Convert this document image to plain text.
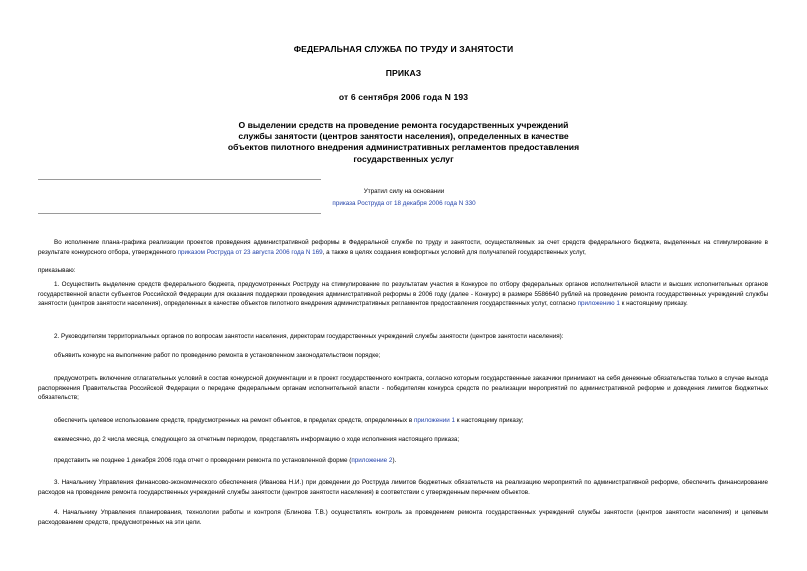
ФЕДЕРАЛЬНАЯ СЛУЖБА ПО ТРУДУ И ЗАНЯТОСТИ
ПРИКАЗ
от 6 сентября 2006 года N 193
О выделении средств на проведение ремонта государственных учреждений
службы занятости (центров занятости населения), определенных в качестве
объектов пилотного внедрения административных регламентов предоставления
государственных услуг
Утратил силу на основании
приказа Роструда от 18 декабря 2006 года N 330
Во исполнение плана-графика реализации проектов проведения административной реформы в Федеральной службе по труду и занятости, осуществляемых за счет средств федерального бюджета, выделенных на стимулирование в результате конкурсного отбора, утвержденного приказом Роструда от 23 августа 2006 года N 169, а также в целях создания комфортных условий для получателей государственных услуг,
приказываю:
1. Осуществить выделение средств федерального бюджета, предусмотренных Роструду на стимулирование по результатам участия в Конкурсе по отбору федеральных органов исполнительной власти и высших исполнительных органов государственной власти субъектов Российской Федерации для оказания поддержки проведения административной реформы в 2006 году (далее - Конкурс) в размере 5586640 рублей на проведение ремонта государственных учреждений службы занятости (центров занятости населения), определенных в качестве объектов пилотного внедрения административных регламентов предоставления государственных услуг, согласно приложению 1 к настоящему приказу.
2. Руководителям территориальных органов по вопросам занятости населения, директорам государственных учреждений службы занятости (центров занятости населения):
объявить конкурс на выполнение работ по проведению ремонта в установленном законодательством порядке;
предусмотреть включение отлагательных условий в состав конкурсной документации и в проект государственного контракта, согласно которым государственные заказчики принимают на себя денежные обязательства только в случае выхода распоряжения Правительства Российской Федерации о передаче федеральным органам исполнительной власти - победителям конкурса средств по реализации мероприятий по административной реформе и доведения лимитов бюджетных обязательств;
обеспечить целевое использование средств, предусмотренных на ремонт объектов, в пределах средств, определенных в приложении 1 к настоящему приказу;
ежемесячно, до 2 числа месяца, следующего за отчетным периодом, представлять информацию о ходе исполнения настоящего приказа;
представить не позднее 1 декабря 2006 года отчет о проведении ремонта по установленной форме (приложение 2).
3. Начальнику Управления финансово-экономического обеспечения (Иванова Н.И.) при доведении до Роструда лимитов бюджетных обязательств на реализацию мероприятий по административной реформе, обеспечить финансирование расходов на проведение ремонта государственных учреждений службы занятости (центров занятости населения) в соответствии с утвержденным перечнем объектов.
4. Начальнику Управления планирования, технологии работы и контроля (Блинова Т.В.) осуществлять контроль за проведением ремонта государственных учреждений службы занятости (центров занятости населения) и целевым расходованием средств, предусмотренных на эти цели.
